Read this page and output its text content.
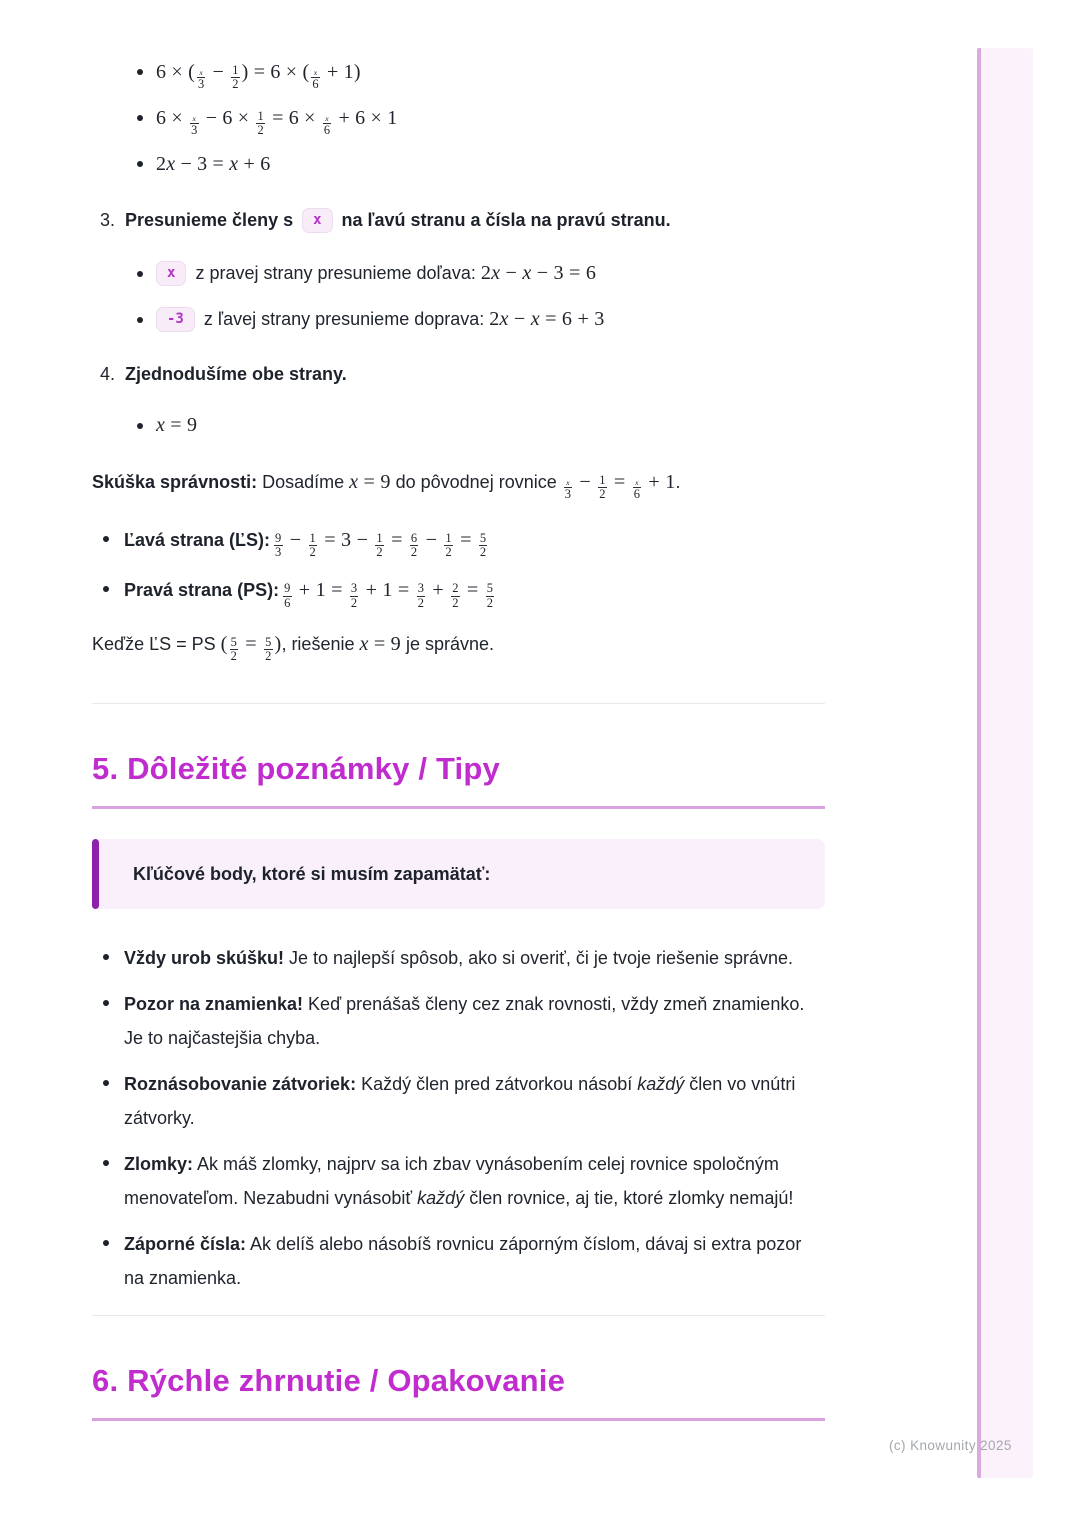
(c) Knowunity 2025
6 × ( $\frac{x}{3} - \frac{1}{2}$ ) = 6 × ( $\frac{x}{6} + 1$)
$6 \times \frac{x}{3} - 6 \times \frac{1}{2} = 6 \times \frac{x}{6} + 6 \times 1$
2x − 3 = x + 6
3. Presunieme členy s x na ľavú stranu a čísla na pravú stranu.
x z pravej strany presunieme doľava: 2x − x − 3 = 6
-3 z ľavej strany presunieme doprava: 2x − x = 6 + 3
4. Zjednodušíme obe strany.
x = 9

Skúška správnosti: Dosadíme x = 9 do pôvodnej rovnice $\frac{x}{3} - \frac{1}{2} = \frac{x}{6} + 1$.

Ľavá strana (ĽS): $\frac{9}{3} - \frac{1}{2} = 3 - \frac{1}{2} = \frac{6}{2} - \frac{1}{2} = \frac{5}{2}$
Pravá strana (PS): $\frac{9}{6} + 1 = \frac{3}{2} + 1 = \frac{3}{2} + \frac{2}{2} = \frac{5}{2}$

Keďže ĽS = PS ( $\frac{5}{2} = \frac{5}{2}$ ), riešenie x = 9 je správne.

5. Dôležité poznámky / Tipy

Kľúčové body, ktoré si musím zapamätať:

Vždy urob skúšku! Je to najlepší spôsob, ako si overiť, či je tvoje riešenie správne.
Pozor na znamienka! Keď prenášaš členy cez znak rovnosti, vždy zmeň znamienko. Je to najčastejšia chyba.
Roznásobovanie zátvoriek: Každý člen pred zátvorkou násobí každý člen vo vnútri zátvorky.
Zlomky: Ak máš zlomky, najprv sa ich zbav vynásobením celej rovnice spoločným menovateľom. Nezabudni vynásobiť každý člen rovnice, aj tie, ktoré zlomky nemajú!
Záporné čísla: Ak delíš alebo násobíš rovnicu záporným číslom, dávaj si extra pozor na znamienka.
6. Rýchle zhrnutie / Opakovanie
